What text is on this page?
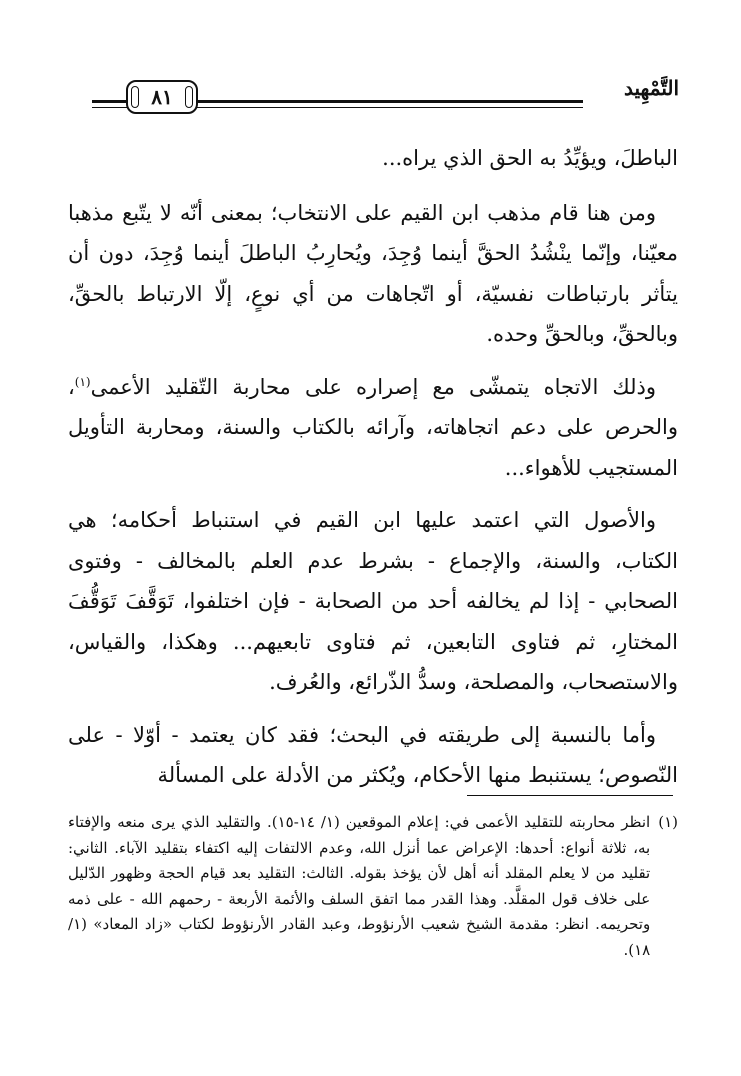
التَّمْهِيد
٨١

الباطلَ، ويؤيِّدُ به الحق الذي يراه...

ومن هنا قام مذهب ابن القيم على الانتخاب؛ بمعنى أنّه لا يتّبع مذهبا معيّنا، وإنّما ينْشُدُ الحقَّ أينما وُجِدَ، ويُحارِبُ الباطلَ أينما وُجِدَ، دون أن يتأثر بارتباطات نفسيّة، أو اتّجاهات من أي نوعٍ، إلّا الارتباط بالحقِّ، وبالحقِّ، وبالحقِّ وحده.

وذلك الاتجاه يتمشّى مع إصراره على محاربة التّقليد الأعمى$^{(١)}$، والحرص على دعم اتجاهاته، وآرائه بالكتاب والسنة، ومحاربة التأويل المستجيب للأهواء...

والأصول التي اعتمد عليها ابن القيم في استنباط أحكامه؛ هي الكتاب، والسنة، والإجماع - بشرط عدم العلم بالمخالف - وفتوى الصحابي - إذا لم يخالفه أحد من الصحابة - فإن اختلفوا، تَوَقَّفَ تَوَقُّفَ المختارِ، ثم فتاوى التابعين، ثم فتاوى تابعيهم... وهكذا، والقياس، والاستصحاب، والمصلحة، وسدُّ الذّرائع، والعُرف.

وأما بالنسبة إلى طريقته في البحث؛ فقد كان يعتمد - أوّلا - على النّصوص؛ يستنبط منها الأحكام، ويُكثر من الأدلة على المسألة

(١)
انظر محاربته للتقليد الأعمى في: إعلام الموقعين (١/ ١٤-١٥). والتقليد الذي يرى منعه والإفتاء به، ثلاثة أنواع: أحدها: الإعراض عما أنزل الله، وعدم الالتفات إليه اكتفاء بتقليد الآباء. الثاني: تقليد من لا يعلم المقلد أنه أهل لأن يؤخذ بقوله. الثالث: التقليد بعد قيام الحجة وظهور الدّليل على خلاف قول المقلَّد. وهذا القدر مما اتفق السلف والأئمة الأربعة - رحمهم الله - على ذمه وتحريمه. انظر: مقدمة الشيخ شعيب الأرنؤوط، وعبد القادر الأرنؤوط لكتاب «زاد المعاد» (١/ ١٨).
